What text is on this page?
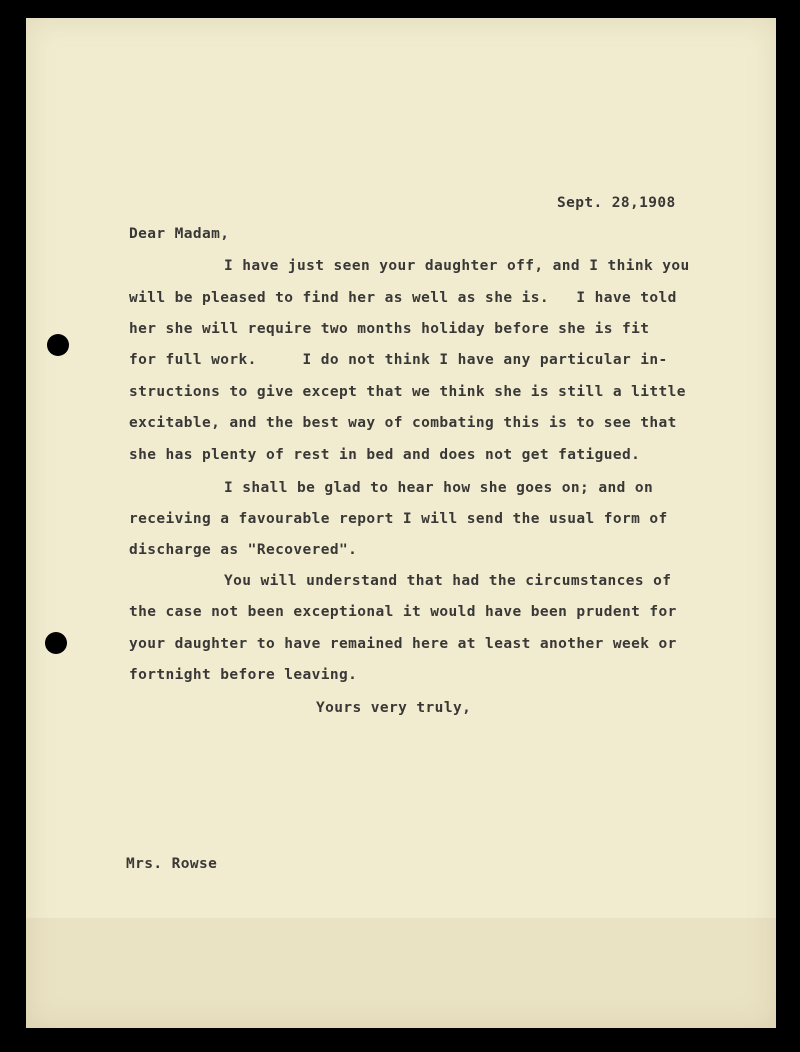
Sept. 28,1908

Dear Madam,

I have just seen your daughter off, and I think you

will be pleased to find her as well as she is.   I have told

her she will require two months holiday before she is fit

for full work.     I do not think I have any particular in-

structions to give except that we think she is still a little

excitable, and the best way of combating this is to see that

she has plenty of rest in bed and does not get fatigued.

I shall be glad to hear how she goes on; and on

receiving a favourable report I will send the usual form of

discharge as "Recovered".

You will understand that had the circumstances of

the case not been exceptional it would have been prudent for

your daughter to have remained here at least another week or

fortnight before leaving.

Yours very truly,

Mrs. Rowse
